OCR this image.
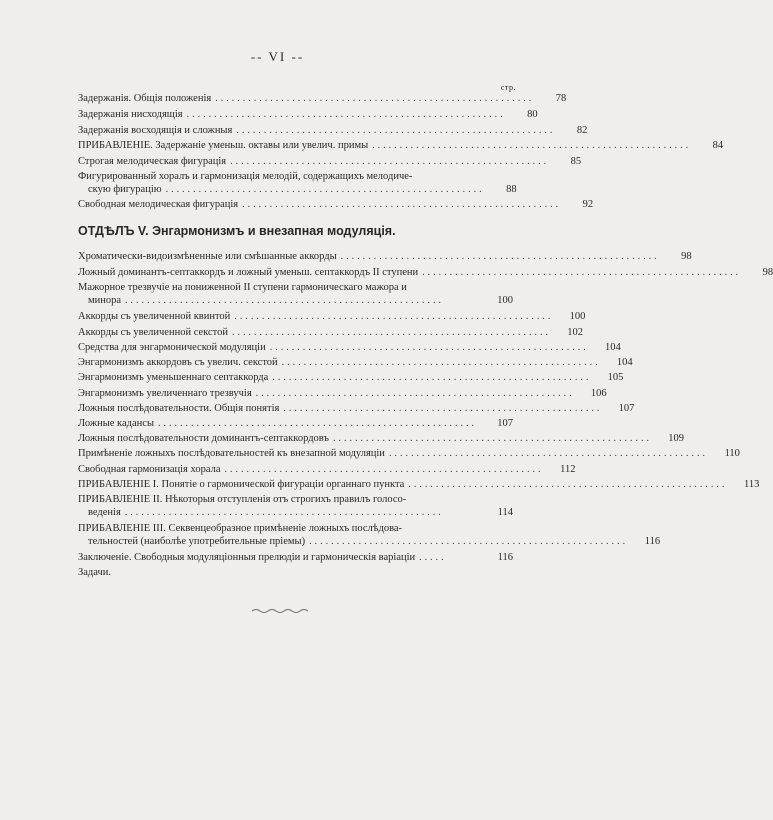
-- VI --
стр.
Задержанія. Общія положенія ..........................................................	78
Задержанія нисходящія ..........................................................	80
Задержанія восходящія и сложныя ..........................................................	82
ПРИБАВЛЕНІЕ. Задержаніе уменьш. октавы или увелич. примы ..........................................................	84
Строгая мелодическая фигурація ..........................................................	85
Фигурированный хоралъ и гармонизація мелодій, содержащихъ мелодиче-
скую фигурацію ..........................................................	88
Свободная мелодическая фигурація ..........................................................	92
ОТДѢЛЪ V. Энгармонизмъ и внезапная модуляція.
Хроматически-видоизмѣненные или смѣшанные аккорды ..........................................................	98
Ложный доминантъ-септаккордъ и ложный уменьш. септаккордъ II ступени ..........................................................	98
Мажорное трезвучіе на пониженной II ступени гармоническаго мажора и
минора ..........................................................	100
Аккорды съ увеличенной квинтой ..........................................................	100
Аккорды съ увеличенной секстой ..........................................................	102
Средства для энгармонической модуляціи ..........................................................	104
Энгармонизмъ аккордовъ съ увелич. секстой ..........................................................	104
Энгармонизмъ уменьшеннаго септаккорда ..........................................................	105
Энгармонизмъ увеличеннаго трезвучія ..........................................................	106
Ложныя послѣдовательности. Общія понятія ..........................................................	107
Ложные кадансы ..........................................................	107
Ложныя послѣдовательности доминантъ-септаккордовъ ..........................................................	109
Примѣненіе ложныхъ послѣдовательностей къ внезапной модуляціи ..........................................................	110
Свободная гармонизація хорала ..........................................................	112
ПРИБАВЛЕНІЕ I. Понятіе о гармонической фигураціи органнаго пункта ..........................................................	113
ПРИБАВЛЕНІЕ II. Нѣкоторыя отступленія отъ строгихъ правилъ голосо-
веденія ..........................................................	114
ПРИБАВЛЕНІЕ III. Секвенцеобразное примѣненіе ложныхъ послѣдова-
тельностей (наиболѣе употребительные пріемы) ..........................................................	116
Заключеніе. Свободныя модуляціонныя прелюдіи и гармоническія варіаціи .....	116
Задачи.
